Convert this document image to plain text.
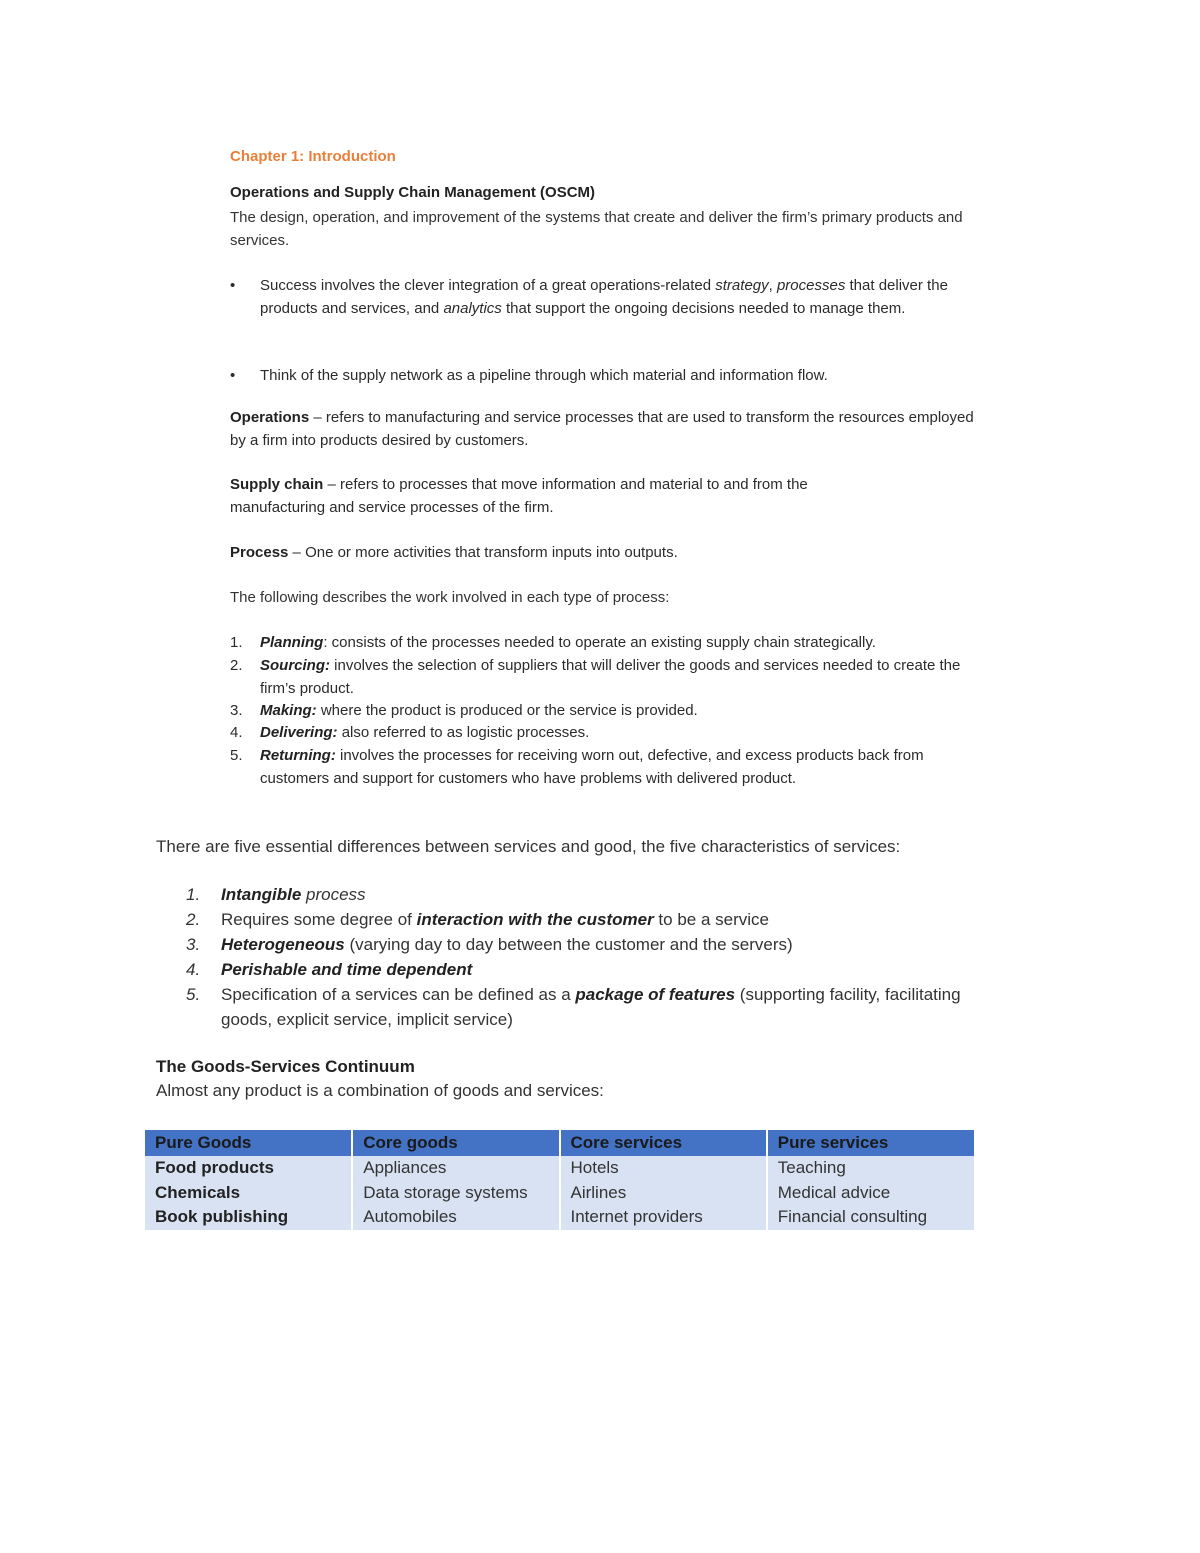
Chapter 1: Introduction
Operations and Supply Chain Management (OSCM)
The design, operation, and improvement of the systems that create and deliver the firm’s primary products and services.
• Success involves the clever integration of a great operations-related strategy, processes that deliver the products and services, and analytics that support the ongoing decisions needed to manage them.
• Think of the supply network as a pipeline through which material and information flow.
Operations – refers to manufacturing and service processes that are used to transform the resources employed by a firm into products desired by customers.
Supply chain – refers to processes that move information and material to and from the manufacturing and service processes of the firm.
Process – One or more activities that transform inputs into outputs.
The following describes the work involved in each type of process:
1. Planning: consists of the processes needed to operate an existing supply chain strategically.
2. Sourcing: involves the selection of suppliers that will deliver the goods and services needed to create the firm’s product.
3. Making: where the product is produced or the service is provided.
4. Delivering: also referred to as logistic processes.
5. Returning: involves the processes for receiving worn out, defective, and excess products back from customers and support for customers who have problems with delivered product.
There are five essential differences between services and good, the five characteristics of services:
1. Intangible process
2. Requires some degree of interaction with the customer to be a service
3. Heterogeneous (varying day to day between the customer and the servers)
4. Perishable and time dependent
5. Specification of a services can be defined as a package of features (supporting facility, facilitating goods, explicit service, implicit service)
The Goods-Services Continuum
Almost any product is a combination of goods and services:
Pure Goods	Core goods	Core services	Pure services
Food products	Appliances	Hotels	Teaching
Chemicals	Data storage systems	Airlines	Medical advice
Book publishing	Automobiles	Internet providers	Financial consulting
